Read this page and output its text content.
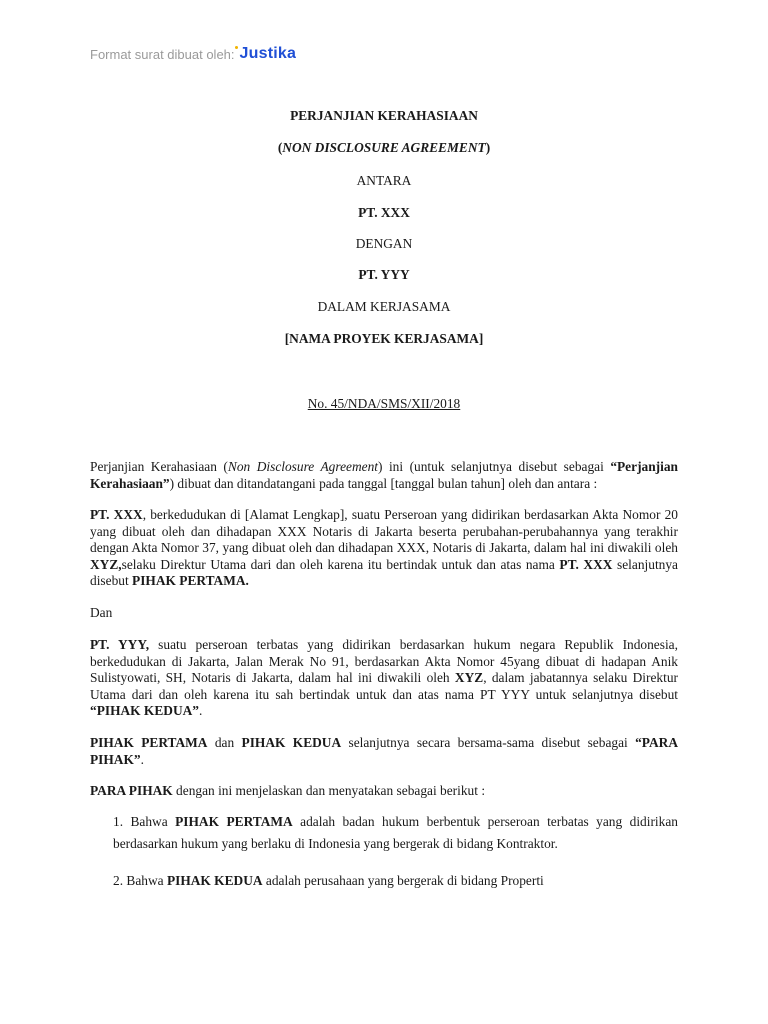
Format surat dibuat oleh: Justika
PERJANJIAN KERAHASIAAN
(NON DISCLOSURE AGREEMENT)
ANTARA
PT. XXX
DENGAN
PT. YYY
DALAM KERJASAMA
[NAMA PROYEK KERJASAMA]
No. 45/NDA/SMS/XII/2018
Perjanjian Kerahasiaan (Non Disclosure Agreement) ini (untuk selanjutnya disebut sebagai “Perjanjian Kerahasiaan”) dibuat dan ditandatangani pada tanggal [tanggal bulan tahun] oleh dan antara :
PT. XXX, berkedudukan di [Alamat Lengkap], suatu Perseroan yang didirikan berdasarkan Akta Nomor 20 yang dibuat oleh dan dihadapan XXX Notaris di Jakarta beserta perubahan-perubahannya yang terakhir dengan Akta Nomor 37, yang dibuat oleh dan dihadapan XXX, Notaris di Jakarta, dalam hal ini diwakili oleh XYZ,selaku Direktur Utama dari dan oleh karena itu bertindak untuk dan atas nama PT. XXX selanjutnya disebut PIHAK PERTAMA.
Dan
PT. YYY, suatu perseroan terbatas yang didirikan berdasarkan hukum negara Republik Indonesia, berkedudukan di Jakarta, Jalan Merak No 91, berdasarkan Akta Nomor 45yang dibuat di hadapan Anik Sulistyowati, SH, Notaris di Jakarta, dalam hal ini diwakili oleh XYZ, dalam jabatannya selaku Direktur Utama dari dan oleh karena itu sah bertindak untuk dan atas nama PT YYY untuk selanjutnya disebut “PIHAK KEDUA”.
PIHAK PERTAMA dan PIHAK KEDUA selanjutnya secara bersama-sama disebut sebagai “PARA PIHAK”.
PARA PIHAK dengan ini menjelaskan dan menyatakan sebagai berikut :
1. Bahwa PIHAK PERTAMA adalah badan hukum berbentuk perseroan terbatas yang didirikan berdasarkan hukum yang berlaku di Indonesia yang bergerak di bidang Kontraktor.
2. Bahwa PIHAK KEDUA adalah perusahaan yang bergerak di bidang Properti
